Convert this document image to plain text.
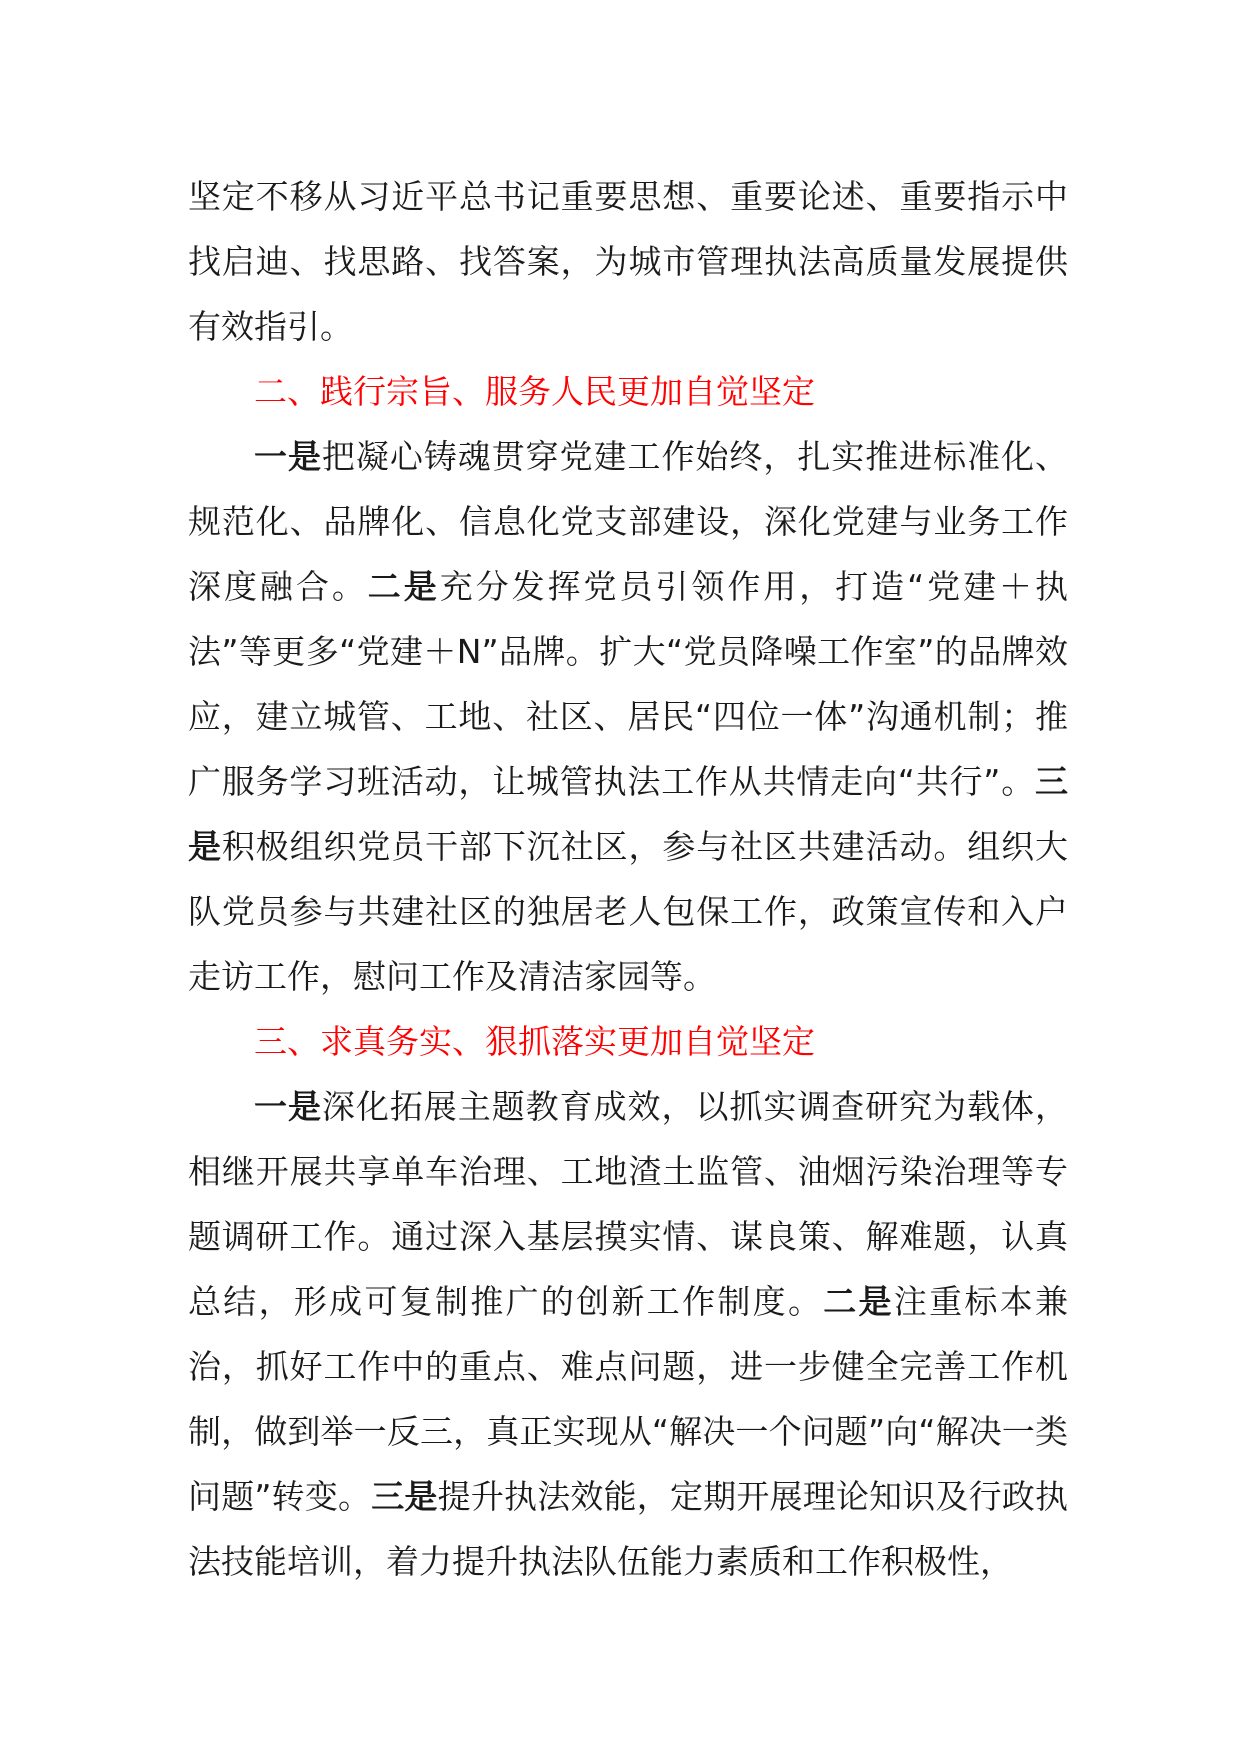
坚定不移从习近平总书记重要思想、重要论述、重要指示中找启迪、找思路、找答案，为城市管理执法高质量发展提供有效指引。

二、践行宗旨、服务人民更加自觉坚定

一是把凝心铸魂贯穿党建工作始终，扎实推进标准化、规范化、品牌化、信息化党支部建设，深化党建与业务工作深度融合。二是充分发挥党员引领作用，打造“党建＋执法”等更多“党建＋N”品牌。扩大“党员降噪工作室”的品牌效应，建立城管、工地、社区、居民“四位一体”沟通机制；推广服务学习班活动，让城管执法工作从共情走向“共行”。三是积极组织党员干部下沉社区，参与社区共建活动。组织大队党员参与共建社区的独居老人包保工作，政策宣传和入户走访工作，慰问工作及清洁家园等。

三、求真务实、狠抓落实更加自觉坚定

一是深化拓展主题教育成效，以抓实调查研究为载体，相继开展共享单车治理、工地渣土监管、油烟污染治理等专题调研工作。通过深入基层摸实情、谋良策、解难题，认真总结，形成可复制推广的创新工作制度。二是注重标本兼治，抓好工作中的重点、难点问题，进一步健全完善工作机制，做到举一反三，真正实现从“解决一个问题”向“解决一类问题”转变。三是提升执法效能，定期开展理论知识及行政执法技能培训，着力提升执法队伍能力素质和工作积极性，
